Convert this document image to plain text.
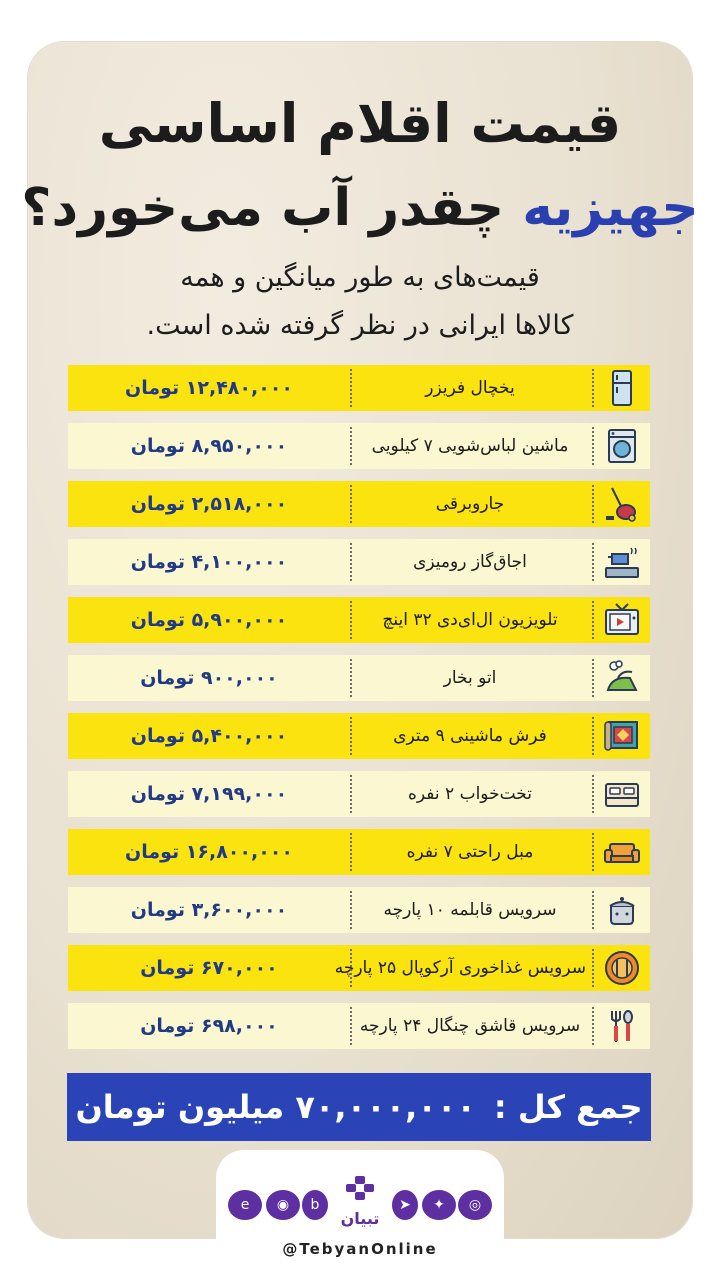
قیمت اقلام اساسی
جهیزیه چقدر آب می‌خورد؟
قیمت‌های به طور میانگین و همه
کالاها ایرانی در نظر گرفته شده است.
یخچال فریزر
۱۲,۴۸۰,۰۰۰ تومان
ماشین لباس‌شویی ۷ کیلویی
۸,۹۵۰,۰۰۰ تومان
جاروبرقی
۲,۵۱۸,۰۰۰ تومان
اجاق‌گاز رومیزی
۴,۱۰۰,۰۰۰ تومان
تلویزیون ال‌ای‌دی ۳۲ اینچ
۵,۹۰۰,۰۰۰ تومان
اتو بخار
۹۰۰,۰۰۰ تومان
فرش ماشینی ۹ متری
۵,۴۰۰,۰۰۰ تومان
تخت‌خواب ۲ نفره
۷,۱۹۹,۰۰۰ تومان
مبل راحتی ۷ نفره
۱۶,۸۰۰,۰۰۰ تومان
سرویس قابلمه ۱۰ پارچه
۳,۶۰۰,۰۰۰ تومان
سرویس غذاخوری آرکوپال ۲۵ پارچه
۶۷۰,۰۰۰ تومان
سرویس قاشق چنگال ۲۴ پارچه
۶۹۸,۰۰۰ تومان
جمع کل :۷۰,۰۰۰,۰۰۰ میلیون تومان
e	◉	b	➤	✦	◎
تبیان
@TebyanOnline
